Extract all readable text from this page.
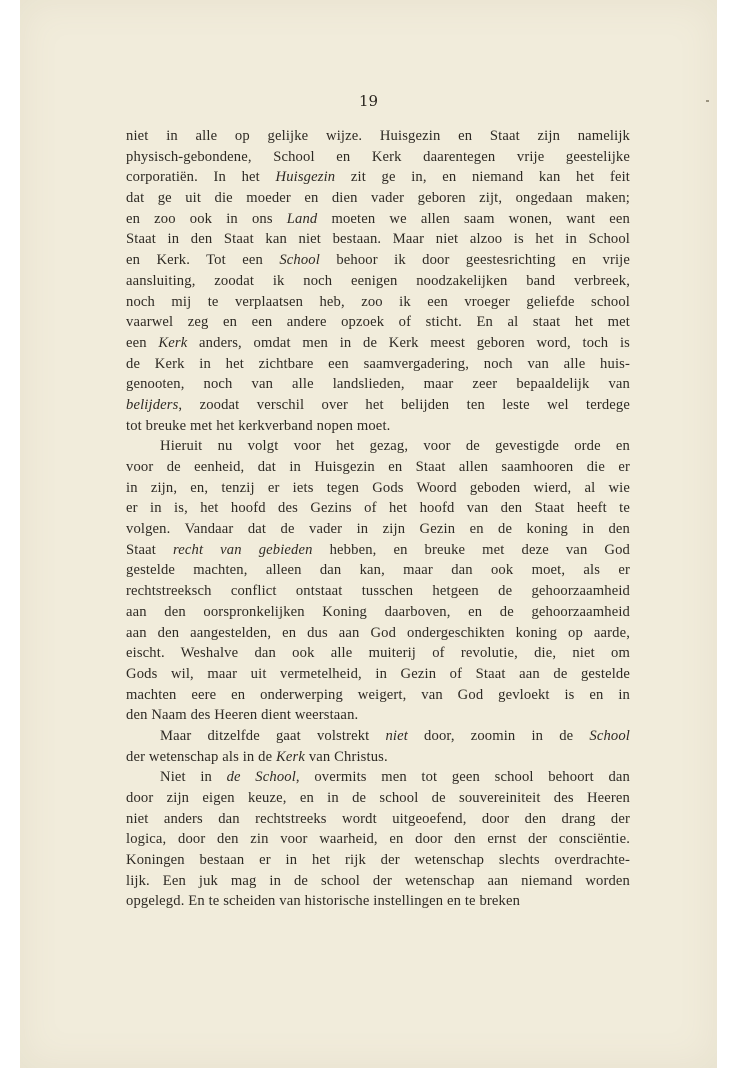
19
niet in alle op gelijke wijze. Huisgezin en Staat zijn namelijk
physisch-gebondene, School en Kerk daarentegen vrije geestelijke
corporatiën. In het Huisgezin zit ge in, en niemand kan het feit
dat ge uit die moeder en dien vader geboren zijt, ongedaan maken;
en zoo ook in ons Land moeten we allen saam wonen, want een
Staat in den Staat kan niet bestaan. Maar niet alzoo is het in School
en Kerk. Tot een School behoor ik door geestesrichting en vrije
aansluiting, zoodat ik noch eenigen noodzakelijken band verbreek,
noch mij te verplaatsen heb, zoo ik een vroeger geliefde school
vaarwel zeg en een andere opzoek of sticht. En al staat het met
een Kerk anders, omdat men in de Kerk meest geboren word, toch is
de Kerk in het zichtbare een saamvergadering, noch van alle huis-
genooten, noch van alle landslieden, maar zeer bepaaldelijk van
belijders, zoodat verschil over het belijden ten leste wel terdege
tot breuke met het kerkverband nopen moet.
Hieruit nu volgt voor het gezag, voor de gevestigde orde en
voor de eenheid, dat in Huisgezin en Staat allen saamhooren die er
in zijn, en, tenzij er iets tegen Gods Woord geboden wierd, al wie
er in is, het hoofd des Gezins of het hoofd van den Staat heeft te
volgen. Vandaar dat de vader in zijn Gezin en de koning in den
Staat recht van gebieden hebben, en breuke met deze van God
gestelde machten, alleen dan kan, maar dan ook moet, als er
rechtstreeksch conflict ontstaat tusschen hetgeen de gehoorzaamheid
aan den oorspronkelijken Koning daarboven, en de gehoorzaamheid
aan den aangestelden, en dus aan God ondergeschikten koning op aarde,
eischt. Weshalve dan ook alle muiterij of revolutie, die, niet om
Gods wil, maar uit vermetelheid, in Gezin of Staat aan de gestelde
machten eere en onderwerping weigert, van God gevloekt is en in
den Naam des Heeren dient weerstaan.
Maar ditzelfde gaat volstrekt niet door, zoomin in de School
der wetenschap als in de Kerk van Christus.
Niet in de School, overmits men tot geen school behoort dan
door zijn eigen keuze, en in de school de souvereiniteit des Heeren
niet anders dan rechtstreeks wordt uitgeoefend, door den drang der
logica, door den zin voor waarheid, en door den ernst der consciëntie.
Koningen bestaan er in het rijk der wetenschap slechts overdrachte-
lijk. Een juk mag in de school der wetenschap aan niemand worden
opgelegd. En te scheiden van historische instellingen en te breken
